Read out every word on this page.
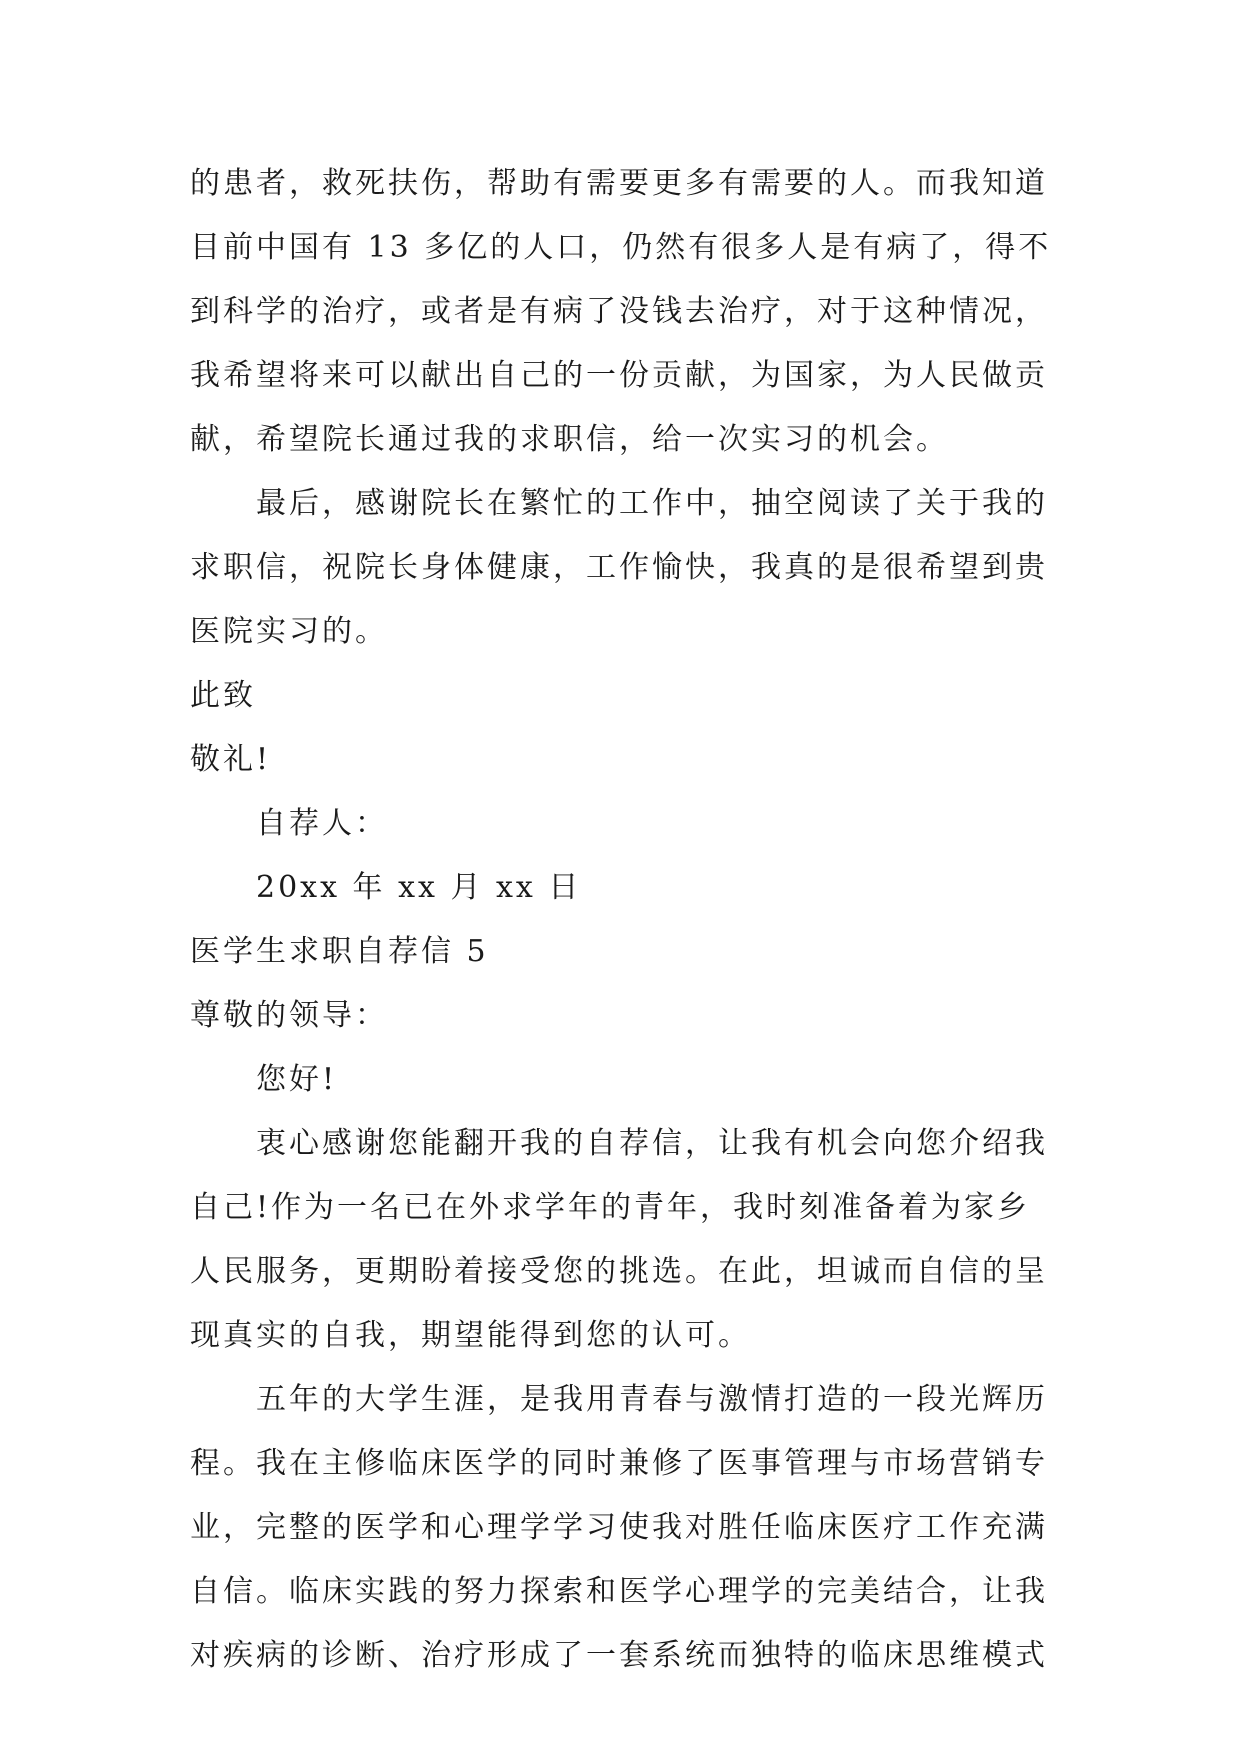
的患者，救死扶伤，帮助有需要更多有需要的人。而我知道
目前中国有 13 多亿的人口，仍然有很多人是有病了，得不
到科学的治疗，或者是有病了没钱去治疗，对于这种情况，
我希望将来可以献出自己的一份贡献，为国家，为人民做贡
献，希望院长通过我的求职信，给一次实习的机会。
最后，感谢院长在繁忙的工作中，抽空阅读了关于我的
求职信，祝院长身体健康，工作愉快，我真的是很希望到贵
医院实习的。
此致
敬礼!
自荐人：
20xx 年 xx 月 xx 日
医学生求职自荐信 5
尊敬的领导：
您好!
衷心感谢您能翻开我的自荐信，让我有机会向您介绍我
自己!作为一名已在外求学年的青年，我时刻准备着为家乡
人民服务，更期盼着接受您的挑选。在此，坦诚而自信的呈
现真实的自我，期望能得到您的认可。
五年的大学生涯，是我用青春与激情打造的一段光辉历
程。我在主修临床医学的同时兼修了医事管理与市场营销专
业，完整的医学和心理学学习使我对胜任临床医疗工作充满
自信。临床实践的努力探索和医学心理学的完美结合，让我
对疾病的诊断、治疗形成了一套系统而独特的临床思维模式
